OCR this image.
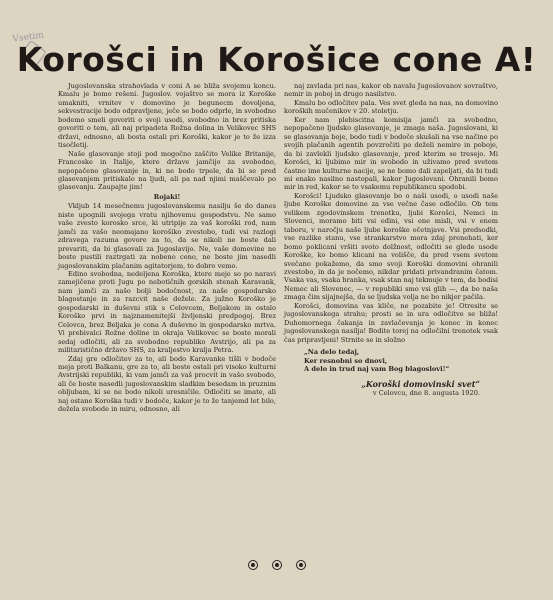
Vsetim
Korošci in Korošice cone A!

Jugoslovanska strahovlada v coni A se bliža svojemu koncu. Kmalu je bomo rešeni. Jugoslov. vojaštvo se mora iz Koroške umakniti, vrnitev v domovino je begunecm dovoljena, sekvestracije bodo odpravljene, ječe se bodo odprle, in svobodno bodemo smeli govoriti o svoji usodi, svobodno in brez pritiska govoriti o tem, ali naj pripadeta Rožna dolina in Velikovec SHS državi, odnosno, ali bosta ostali pri Koroški, kakor je to že izza tisočletij.

Naše glasovanje stoji pod mogočno zaščito Velike Britanije, Francoske in Italije, ktere države jamčijo za svobodno, nepopačeno glasovanje in, ki ne bodo trpele, da bi se pred glasovanjem pritiskalo na ljudi, ali pa nad njimi maščevalo po glasovanju. Zaupajte jim!

Rojaki!

Vkljub 14 mesečnemu jugoslovanskemu nasilju še do danes niste upognili svojega vratu njihovemu gospodstvu. Ne samo vaše zvesto korosko srce, ki utripije za vaš koroški rod, nam jamči za vašo neomajano korošiko zvestobo, tudi vsi razlogi zdravega razuma govore za to, da se nikoli ne boste dali prevariti, da bi glasovali za Jugoslavijo. Ne, vaše domovine ne boste pustili raztrgati za nobeno ceno, ne boste jim nasedli jugoslovanskim plačanim agitatorjem, to dobro vemo.

Edino svobodna, nedeljena Koroška, ktere meje so po naravi zamejičene proti Jugu po nebotičnih gorskih stenah Karavank, nam jamči za našo bolji bodočnost, za naše gospodarsko blagostanje in za razcvit naše dežele. Za južno Koroško je gospodarski in duševni stik s Celovcem, Beljakom in ostalo Koroško prvi in najznamenitejši življenski predpogoj. Brez Celovca, brez Beljaka je cona A duševno in gospodarsko mrtva. Vi prebivalci Rožne doline in okraja Velikovec se boste morali sedaj odločiti, ali za svobodno republiko Avstrijo, ali pa za militaristično državo SHS, za kraljestvo kralja Petra.

Zdaj gre odločitev za to, ali bodo Karavanke tišli v bodoče meja proti Balkanu, gre za to, ali boste ostali pri visoko kulturni Avstrijski republiki, ki vam jamči za vaš procvit in vašo svobodo, ali če boste nasedli jugoslovanskim sladkim besedam in pruznim obljubam, ki se ne bodo nikoli uresničile. Odločiti se imate, ali naj ostane Koroška tudi v bodoče, kakor je to že tanjemd let bilo, dežela svobode in miru, odnosno, ali

naj zavlada pri nas, kakor ob navalu Jugoslovanov sovraštvo, nemir in poboj in drugo nasilstvo.

Kmalu bo odločitev pala. Ves svet gleda na nas, na domovino koroških mučenikov v 20. stoletju.

Ker nam plebiscitna komisija jamči za svobodno, nepopačeno ljudsko glasovanje, je zmaga naša. Jugoslovani, ki se glasovanja boje, bodo tudi v bodoče skušali na vse načine po svojih plačanih agentih povzročiti po deželi nemire in poboje, da bi zavlekli ljudsko glasovanje, pred kterim se tresejo. Mi Korošci, ki ljubimo mir in svobodo in uživamo pred svetom častno ime kulturne nacije, se ne bomo dali zapeljati, da bi tudi mi enako nasilno nastopali, kakor Jugoslovani. Ohranili bomo mir in red, kakor se to vsakemu republikancu spodobi.

Korošci! Ljudsko glasovanje bo o naši usodi, o usodi naše ljube Koroške domovine za vse večne čase odločilo. Ob tem velikem zgodovinskem trenotku, ljubi Korošci, Nemci in Slovenci, moramo biti vsi edini, vsi ene misli, vsi v enem taboru, v naročju naše ljube koroške očetnjave. Vsi predsodki, vse razlike stanu, vse strankarstvo mora zdaj prenehati, ker bomo poklicani vršiti svoto dolžnost, odločiti se glede usode Koroške, ko bomo klicani na volišče, da pred vsem svetom svečano pokažemo, da smo svoji Koroški domovini ohranili zvestobo, in da je nočemo, nikdar pridati privandranim čatom. Vsaka vas, vsaka hranka, vsak stan naj tekmuje v tem, da bodisi Nemec ali Slovenec, — v republiki smo vsi glih —, da bo naša zmaga čim sijajnejša, da se ljudska volja ne bo nikjer pačila.

Korošci, domovina vas kliče, ne pozabite je! Otresite se jugoslovanskega strahu; prosti se in ura odločitve se bliža! Duhomornega čakanja in zavlačevanja je konec in konec jugoslovanskega nasilja! Bodite torej na odločilni trenotek vsak čas pripravljeni! Strnite se in složno

„Na delo tedaj,

Ker resnobni so dnovi,

A delo in trud naj vam Bog blagoslovi!“

„Koroški domovinski svet“

v Celovcu, dne 8. augusta 1920.
